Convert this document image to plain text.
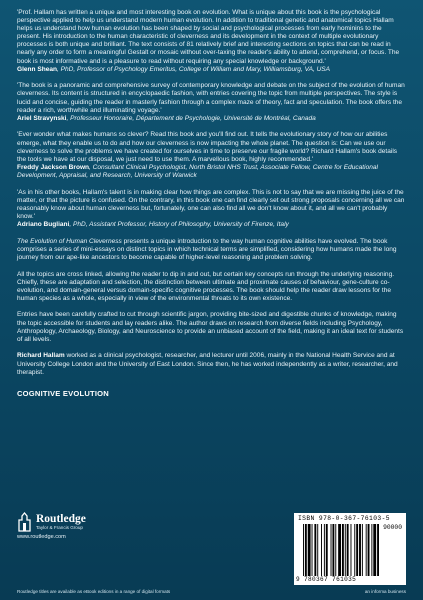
'Prof. Hallam has written a unique and most interesting book on evolution. What is unique about this book is the psychological perspective applied to help us understand modern human evolution. In addition to traditional genetic and anatomical topics Hallam helps us understand how human evolution has been shaped by social and psychological processes from early hominins to the present. His introduction to the human characteristic of cleverness and its development in the context of multiple evolutionary processes is both unique and brilliant. The text consists of 81 relatively brief and interesting sections on topics that can be read in nearly any order to form a meaningful Gestalt or mosaic without over-taxing the reader's ability to attend, comprehend, or focus. The book is most informative and is a pleasure to read without requiring any special knowledge or background.'

Glenn Shean, PhD, Professor of Psychology Emeritus, College of William and Mary, Williamsburg, VA, USA

'The book is a panoramic and comprehensive survey of contemporary knowledge and debate on the subject of the evolution of human cleverness. Its content is structured in encyclopaedic fashion, with entries covering the topic from multiple perspectives. The style is lucid and concise, guiding the reader in masterly fashion through a complex maze of theory, fact and speculation. The book offers the reader a rich, worthwhile and illuminating voyage.'

Ariel Stravynski, Professeur Honoraire, Département de Psychologie, Université de Montréal, Canada

'Ever wonder what makes humans so clever? Read this book and you'll find out. It tells the evolutionary story of how our abilities emerge, what they enable us to do and how our cleverness is now impacting the whole planet. The question is: Can we use our cleverness to solve the problems we have created for ourselves in time to preserve our fragile world? Richard Hallam's book details the tools we have at our disposal, we just need to use them. A marvellous book, highly recommended.'

Freddy Jackson Brown, Consultant Clinical Psychologist, North Bristol NHS Trust, Associate Fellow, Centre for Educational Development, Appraisal, and Research, University of Warwick

'As in his other books, Hallam's talent is in making clear how things are complex. This is not to say that we are missing the juice of the matter, or that the picture is confused. On the contrary, in this book one can find clearly set out strong proposals concerning all we can reasonably know about human cleverness but, fortunately, one can also find all we don't know about it, and all we can't probably know.'

Adriano Bugliani, PhD, Assistant Professor, History of Philosophy, University of Firenze, Italy

The Evolution of Human Cleverness presents a unique introduction to the way human cognitive abilities have evolved. The book comprises a series of mini-essays on distinct topics in which technical terms are simplified, considering how humans made the long journey from our ape-like ancestors to become capable of higher-level reasoning and problem solving.

All the topics are cross linked, allowing the reader to dip in and out, but certain key concepts run through the underlying reasoning. Chiefly, these are adaptation and selection, the distinction between ultimate and proximate causes of behaviour, gene-culture co-evolution, and domain-general versus domain-specific cognitive processes. The book should help the reader draw lessons for the human species as a whole, especially in view of the environmental threats to its own existence.

Entries have been carefully crafted to cut through scientific jargon, providing bite-sized and digestible chunks of knowledge, making the topic accessible for students and lay readers alike. The author draws on research from diverse fields including Psychology, Anthropology, Archaeology, Biology, and Neuroscience to provide an unbiased account of the field, making it an ideal text for students of all levels.

Richard Hallam worked as a clinical psychologist, researcher, and lecturer until 2006, mainly in the National Health Service and at University College London and the University of East London. Since then, he has worked independently as a writer, researcher, and therapist.

COGNITIVE EVOLUTION
Routledge
Taylor & Francis Group
www.routledge.com
ISBN 978-0-367-76103-5
90000
9 780367 761035
Routledge titles are available as eBook editions in a range of digital formats	an informa business
